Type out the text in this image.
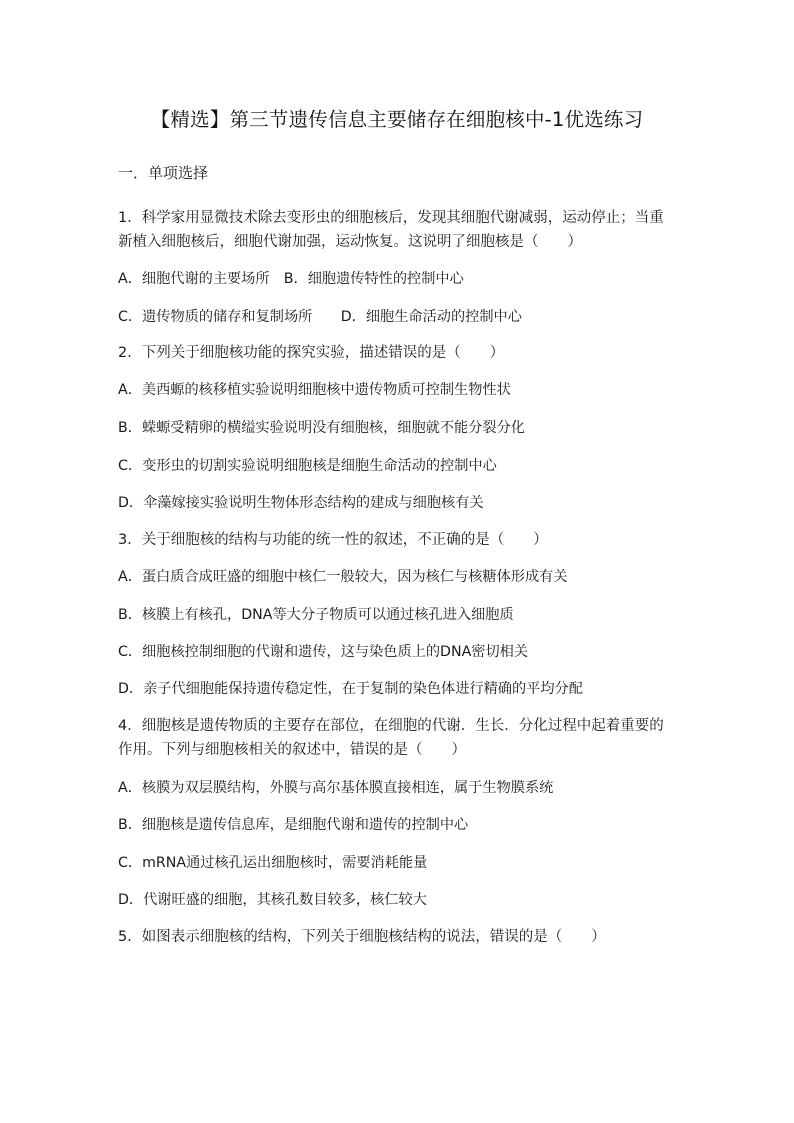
【精选】第三节遗传信息主要储存在细胞核中-1优选练习
一．单项选择
1．科学家用显微技术除去变形虫的细胞核后，发现其细胞代谢减弱，运动停止；当重
新植入细胞核后，细胞代谢加强，运动恢复。这说明了细胞核是（　　）
A．细胞代谢的主要场所　B．细胞遗传特性的控制中心
C．遗传物质的储存和复制场所　　D．细胞生命活动的控制中心
2．下列关于细胞核功能的探究实验，描述错误的是（　　）
A．美西螈的核移植实验说明细胞核中遗传物质可控制生物性状
B．蝾螈受精卵的横缢实验说明没有细胞核，细胞就不能分裂分化
C．变形虫的切割实验说明细胞核是细胞生命活动的控制中心
D．伞藻嫁接实验说明生物体形态结构的建成与细胞核有关
3．关于细胞核的结构与功能的统一性的叙述，不正确的是（　　）
A．蛋白质合成旺盛的细胞中核仁一般较大，因为核仁与核糖体形成有关
B．核膜上有核孔，DNA等大分子物质可以通过核孔进入细胞质
C．细胞核控制细胞的代谢和遗传，这与染色质上的DNA密切相关
D．亲子代细胞能保持遗传稳定性，在于复制的染色体进行精确的平均分配
4．细胞核是遗传物质的主要存在部位，在细胞的代谢．生长．分化过程中起着重要的
作用。下列与细胞核相关的叙述中，错误的是（　　）
A．核膜为双层膜结构，外膜与高尔基体膜直接相连，属于生物膜系统
B．细胞核是遗传信息库，是细胞代谢和遗传的控制中心
C．mRNA通过核孔运出细胞核时，需要消耗能量
D．代谢旺盛的细胞，其核孔数目较多，核仁较大
5．如图表示细胞核的结构，下列关于细胞核结构的说法，错误的是（　　）
